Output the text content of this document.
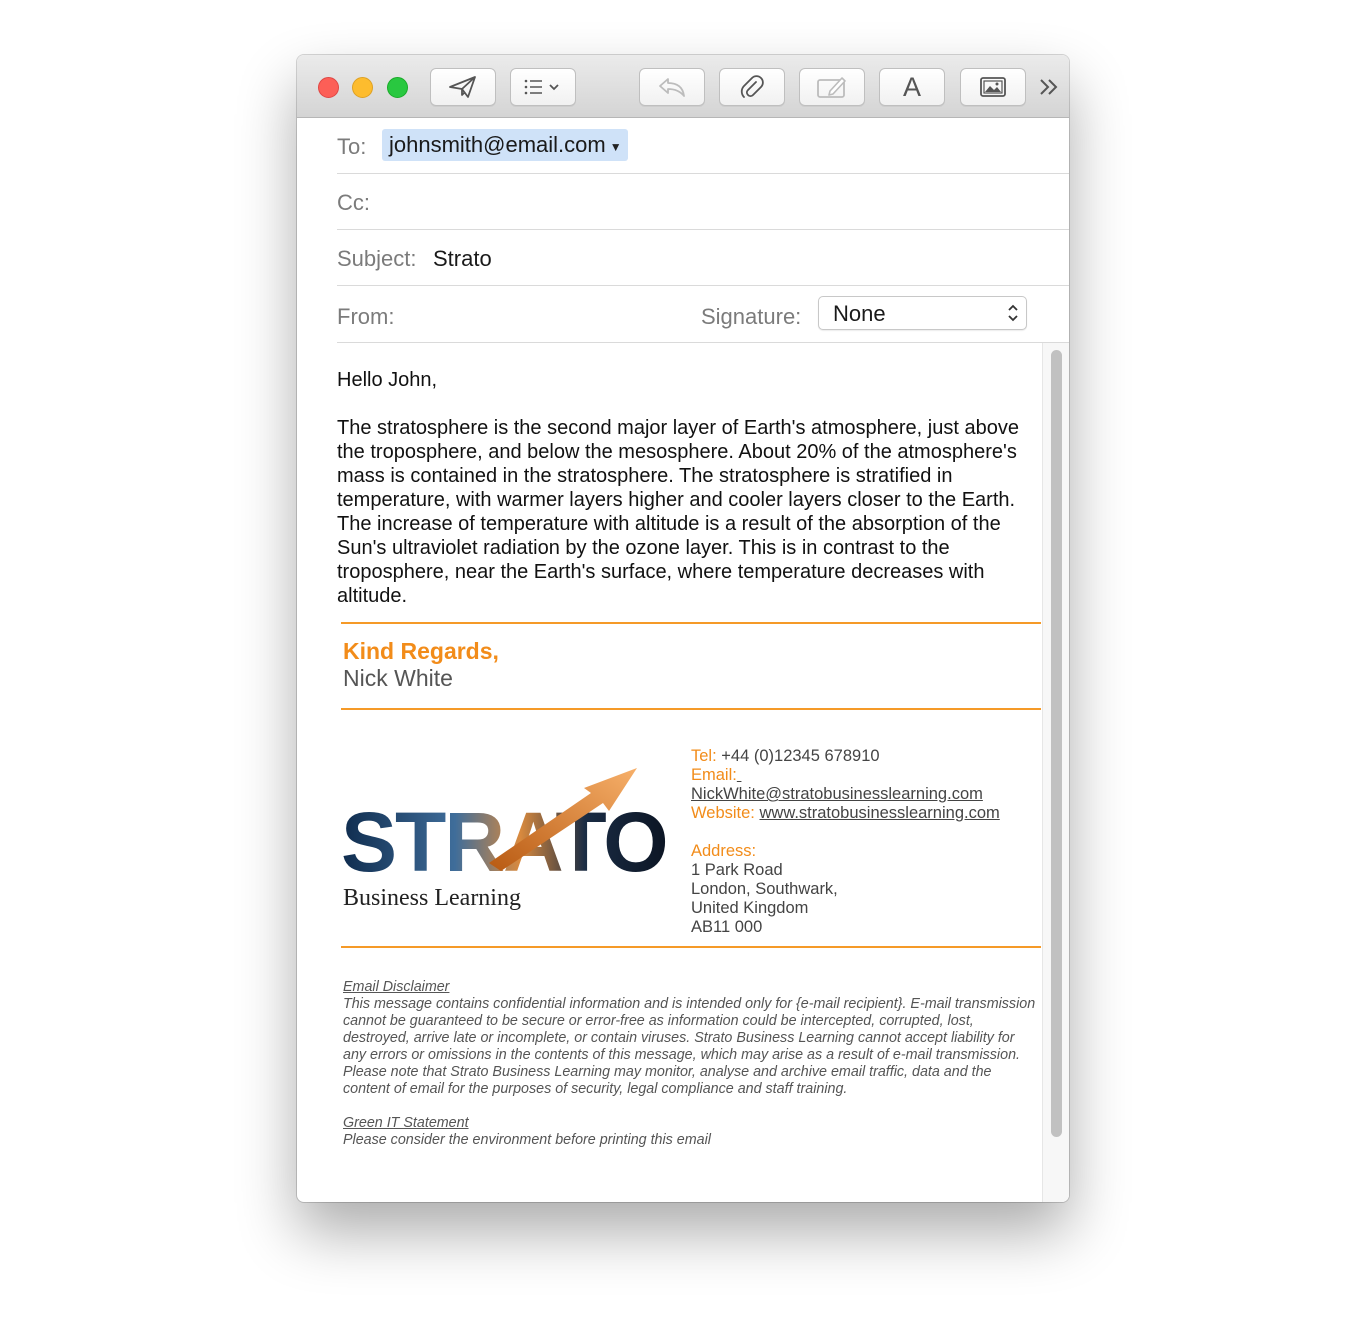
A
To: johnsmith@email.com ▼
Cc:
Subject: Strato
From:	Signature: None
Hello John,
The stratosphere is the second major layer of Earth's atmosphere, just above the troposphere, and below the mesosphere. About 20% of the atmosphere's mass is contained in the stratosphere. The stratosphere is stratified in temperature, with warmer layers higher and cooler layers closer to the Earth. The increase of temperature with altitude is a result of the absorption of the Sun's ultraviolet radiation by the ozone layer. This is in contrast to the troposphere, near the Earth's surface, where temperature decreases with altitude.
Kind Regards,
Nick White
STRATO
Business Learning
Tel: +44 (0)12345 678910
Email:
NickWhite@stratobusinesslearning.com
Website: www.stratobusinesslearning.com
Address:
1 Park Road
London, Southwark,
United Kingdom
AB11 000
Email Disclaimer
This message contains confidential information and is intended only for {e-mail recipient}. E-mail transmission cannot be guaranteed to be secure or error-free as information could be intercepted, corrupted, lost, destroyed, arrive late or incomplete, or contain viruses. Strato Business Learning cannot accept liability for any errors or omissions in the contents of this message, which may arise as a result of e-mail transmission. Please note that Strato Business Learning may monitor, analyse and archive email traffic, data and the content of email for the purposes of security, legal compliance and staff training.
Green IT Statement
Please consider the environment before printing this email
